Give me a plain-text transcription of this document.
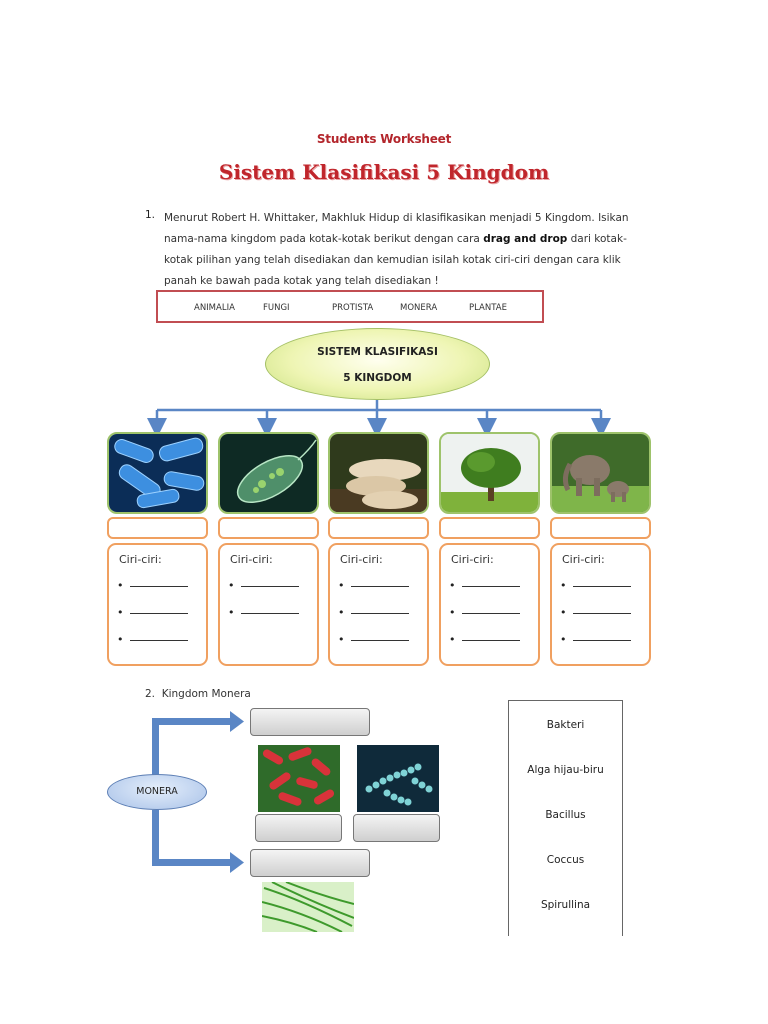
Students Worksheet
Sistem Klasifikasi 5 Kingdom
1. Menurut Robert H. Whittaker, Makhluk Hidup di klasifikasikan menjadi 5 Kingdom. Isikan nama-nama kingdom pada kotak-kotak berikut dengan cara drag and drop dari kotak-kotak pilihan yang telah disediakan dan kemudian isilah kotak ciri-ciri dengan cara klik panah ke bawah pada kotak yang telah disediakan !
ANIMALIA	FUNGI	PROTISTA	MONERA	PLANTAE
SISTEM KLASIFIKASI
5 KINGDOM
Ciri-ciri:
•
•
•
Ciri-ciri:
•
•
Ciri-ciri:
•
•
•
Ciri-ciri:
•
•
•
Ciri-ciri:
•
•
•
2. Kingdom Monera
MONERA
Bakteri
Alga hijau-biru
Bacillus
Coccus
Spirullina
